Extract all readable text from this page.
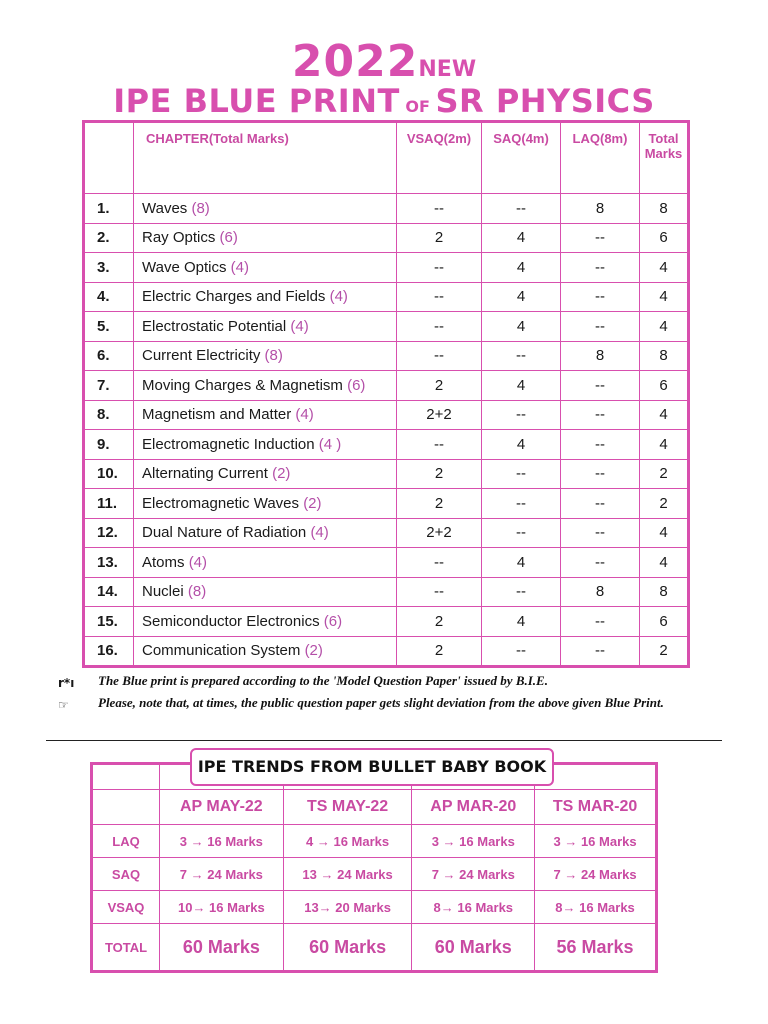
2022NEW
IPE BLUE PRINT OF SR PHYSICS
	CHAPTER(Total Marks)	VSAQ(2m)	SAQ(4m)	LAQ(8m)	Total Marks
1.	Waves (8)	--	--	8	8
2.	Ray Optics (6)	2	4	--	6
3.	Wave Optics (4)	--	4	--	4
4.	Electric Charges and Fields (4)	--	4	--	4
5.	Electrostatic Potential (4)	--	4	--	4
6.	Current Electricity (8)	--	--	8	8
7.	Moving Charges & Magnetism (6)	2	4	--	6
8.	Magnetism and Matter (4)	2+2	--	--	4
9.	Electromagnetic Induction (4 )	--	4	--	4
10.	Alternating Current (2)	2	--	--	2
11.	Electromagnetic Waves (2)	2	--	--	2
12.	Dual Nature of Radiation (4)	2+2	--	--	4
13.	Atoms (4)	--	4	--	4
14.	Nuclei (8)	--	--	8	8
15.	Semiconductor Electronics (6)	2	4	--	6
16.	Communication System (2)	2	--	--	2
r*ı The Blue print is prepared according to the 'Model Question Paper' issued by B.I.E.
☞ Please, note that, at times, the public question paper gets slight deviation from the above given Blue Print.
IPE TRENDS FROM BULLET BABY BOOK

	AP MAY-22	TS MAY-22	AP MAR-20	TS MAR-20
LAQ	3 → 16 Marks	4 → 16 Marks	3 → 16 Marks	3 → 16 Marks
SAQ	7 → 24 Marks	13 → 24 Marks	7 → 24 Marks	7 → 24 Marks
VSAQ	10→ 16 Marks	13→ 20 Marks	8→ 16 Marks	8→ 16 Marks
TOTAL	60 Marks	60 Marks	60 Marks	56 Marks
